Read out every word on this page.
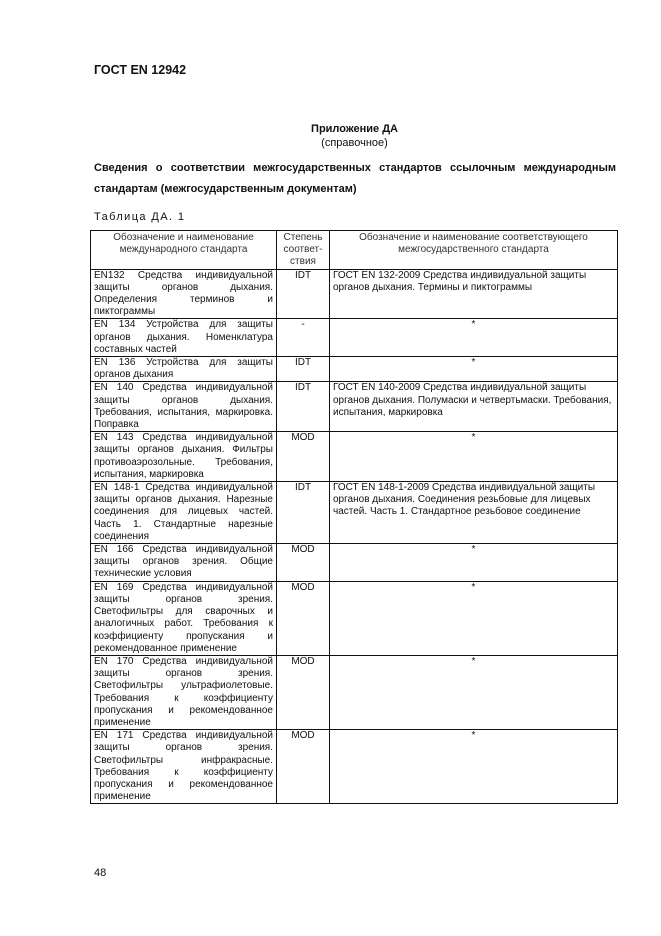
ГОСТ EN 12942
Приложение ДА
(справочное)
Сведения о соответствии межгосударственных стандартов ссылочным международным стандартам (межгосударственным документам)
Таблица ДА. 1
Обозначение и наименование международного стандарта	Степень соответ-ствия	Обозначение и наименование соответствующего межгосударственного стандарта
EN132 Средства индивидуальной защиты органов дыхания. Определения терминов и пиктограммы	IDT	ГОСТ EN 132-2009 Средства индивидуальной защиты органов дыхания. Термины и пиктограммы
EN 134 Устройства для защиты органов дыхания. Номенклатура составных частей	-	*
EN 136 Устройства для защиты органов дыхания	IDT	*
EN 140 Средства индивидуальной защиты органов дыхания. Требования, испытания, маркировка. Поправка	IDT	ГОСТ EN 140-2009 Средства индивидуальной защиты органов дыхания. Полумаски и четвертьмаски. Требования, испытания, маркировка
EN 143 Средства индивидуальной защиты органов дыхания. Фильтры противоаэрозольные. Требования, испытания, маркировка	MOD	*
EN 148-1 Средства индивидуальной защиты органов дыхания. Нарезные соединения для лицевых частей. Часть 1. Стандартные нарезные соединения	IDT	ГОСТ EN 148-1-2009 Средства индивидуальной защиты органов дыхания. Соединения резьбовые для лицевых частей. Часть 1. Стандартное резьбовое соединение
EN 166 Средства индивидуальной защиты органов зрения. Общие технические условия	MOD	*
EN 169 Средства индивидуальной защиты органов зрения. Светофильтры для сварочных и аналогичных работ. Требования к коэффициенту пропускания и рекомендованное применение	MOD	*
EN 170 Средства индивидуальной защиты органов зрения. Светофильтры ультрафиолетовые. Требования к коэффициенту пропускания и рекомендованное применение	MOD	*
EN 171 Средства индивидуальной защиты органов зрения. Светофильтры инфракрасные. Требования к коэффициенту пропускания и рекомендованное применение	MOD	*
48
